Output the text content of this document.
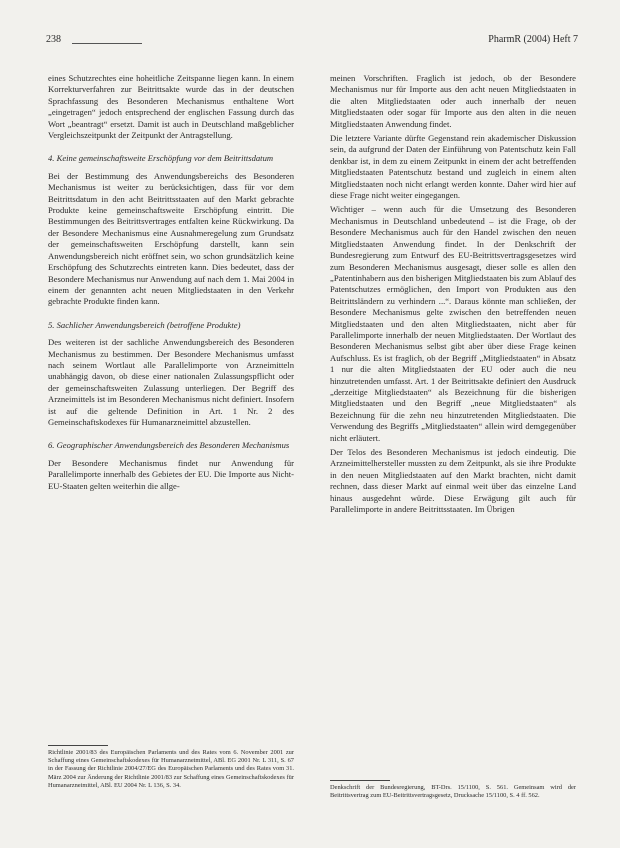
238	PharmR (2004) Heft 7

eines Schutzrechtes eine hoheitliche Zeitspanne liegen kann. In einem Korrekturverfahren zur Beitrittsakte wurde das in der deutschen Sprachfassung des Besonderen Mechanismus enthaltene Wort „eingetragen“ jedoch entsprechend der englischen Fassung durch das Wort „beantragt“ ersetzt. Damit ist auch in Deutschland maßgeblicher Vergleichszeitpunkt der Zeitpunkt der Antragstellung.

4. Keine gemeinschaftsweite Erschöpfung vor dem Beitrittsdatum

Bei der Bestimmung des Anwendungsbereichs des Besonderen Mechanismus ist weiter zu berücksichtigen, dass für vor dem Beitrittsdatum in den acht Beitrittsstaaten auf den Markt gebrachte Produkte keine gemeinschaftsweite Erschöpfung eintritt. Die Bestimmungen des Beitrittsvertrages entfalten keine Rückwirkung. Da der Besondere Mechanismus eine Ausnahmeregelung zum Grundsatz der gemeinschaftsweiten Erschöpfung darstellt, kann sein Anwendungsbereich nicht eröffnet sein, wo schon grundsätzlich keine Erschöpfung des Schutzrechts eintreten kann. Dies bedeutet, dass der Besondere Mechanismus nur Anwendung auf nach dem 1. Mai 2004 in einem der genannten acht neuen Mitgliedstaaten in den Verkehr gebrachte Produkte finden kann.

5. Sachlicher Anwendungsbereich (betroffene Produkte)

Des weiteren ist der sachliche Anwendungsbereich des Besonderen Mechanismus zu bestimmen. Der Besondere Mechanismus umfasst nach seinem Wortlaut alle Parallelimporte von Arzneimitteln unabhängig davon, ob diese einer nationalen Zulassungspflicht oder der gemeinschaftsweiten Zulassung unterliegen. Der Begriff des Arzneimittels ist im Besonderen Mechanismus nicht definiert. Insofern ist auf die geltende Definition in Art. 1 Nr. 2 des Gemeinschaftskodexes für Humanarzneimittel abzustellen.

6. Geographischer Anwendungsbereich des Besonderen Mechanismus

Der Besondere Mechanismus findet nur Anwendung für Parallelimporte innerhalb des Gebietes der EU. Die Importe aus Nicht-EU-Staaten gelten weiterhin die allge-

meinen Vorschriften. Fraglich ist jedoch, ob der Besondere Mechanismus nur für Importe aus den acht neuen Mitgliedstaaten in die alten Mitgliedstaaten oder auch innerhalb der neuen Mitgliedstaaten oder sogar für Importe aus den alten in die neuen Mitgliedstaaten Anwendung findet.

Die letztere Variante dürfte Gegenstand rein akademischer Diskussion sein, da aufgrund der Daten der Einführung von Patentschutz kein Fall denkbar ist, in dem zu einem Zeitpunkt in einem der acht betreffenden Mitgliedstaaten Patentschutz bestand und zugleich in einem alten Mitgliedstaaten noch nicht erlangt werden konnte. Daher wird hier auf diese Frage nicht weiter eingegangen.

Wichtiger – wenn auch für die Umsetzung des Besonderen Mechanismus in Deutschland unbedeutend – ist die Frage, ob der Besondere Mechanismus auch für den Handel zwischen den neuen Mitgliedstaaten Anwendung findet. In der Denkschrift der Bundesregierung zum Entwurf des EU-Beitrittsvertragsgesetzes wird zum Besonderen Mechanismus ausgesagt, dieser solle es allen den „Patentinhabern aus den bisherigen Mitgliedstaaten bis zum Ablauf des Patentschutzes ermöglichen, den Import von Produkten aus den Beitrittsländern zu verhindern ...“. Daraus könnte man schließen, der Besondere Mechanismus gelte zwischen den betreffenden neuen Mitgliedstaaten und den alten Mitgliedstaaten, nicht aber für Parallelimporte innerhalb der neuen Mitgliedstaaten. Der Wortlaut des Besonderen Mechanismus selbst gibt aber über diese Frage keinen Aufschluss. Es ist fraglich, ob der Begriff „Mitgliedstaaten“ in Absatz 1 nur die alten Mitgliedstaaten der EU oder auch die neu hinzutretenden umfasst. Art. 1 der Beitrittsakte definiert den Ausdruck „derzeitige Mitgliedstaaten“ als Bezeichnung für die bisherigen Mitgliedstaaten und den Begriff „neue Mitgliedstaaten“ als Bezeichnung für die zehn neu hinzutretenden Mitgliedstaaten. Die Verwendung des Begriffs „Mitgliedstaaten“ allein wird demgegenüber nicht erläutert.

Der Telos des Besonderen Mechanismus ist jedoch eindeutig. Die Arzneimittelhersteller mussten zu dem Zeitpunkt, als sie ihre Produkte in den neuen Mitgliedstaaten auf den Markt brachten, nicht damit rechnen, dass dieser Markt auf einmal weit über das einzelne Land hinaus ausgedehnt würde. Diese Erwägung gilt auch für Parallelimporte in andere Beitrittsstaaten. Im Übrigen

Richtlinie 2001/83 des Europäischen Parlaments und des Rates vom 6. November 2001 zur Schaffung eines Gemeinschaftskodexes für Humanarzneimittel, ABl. EG 2001 Nr. L 311, S. 67 in der Fassung der Richtlinie 2004/27/EG des Europäischen Parlaments und des Rates vom 31. März 2004 zur Änderung der Richtlinie 2001/83 zur Schaffung eines Gemeinschaftskodexes für Humanarzneimittel, ABl. EU 2004 Nr. L 136, S. 34.	Denkschrift der Bundesregierung, BT-Drs. 15/1100, S. 561. Gemeinsam wird der Beitrittsvertrag zum EU-Beitrittsvertragsgesetz, Drucksache 15/1100, S. 4 ff. 562.
